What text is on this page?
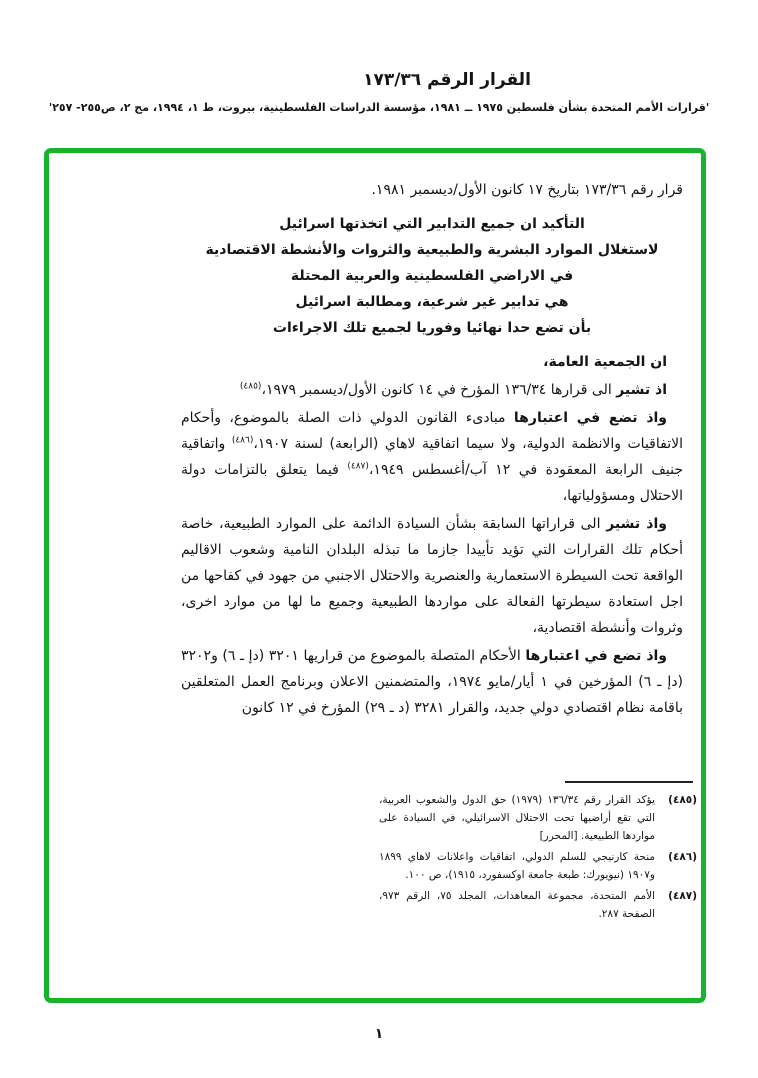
القرار الرقم ١٧٣/٣٦
'قرارات الأمم المتحدة بشأن فلسطين ١٩٧٥ ــ ١٩٨١، مؤسسة الدراسات الفلسطينية، بيروت، ط ١، ١٩٩٤، مج ٢، ص٢٥٥- ٢٥٧'

قرار رقم ١٧٣/٣٦ بتاريخ ١٧ كانون الأول/ديسمبر ١٩٨١.

التأكيد ان جميع التدابير التي اتخذتها اسرائيل
لاستغلال الموارد البشرية والطبيعية والثروات والأنشطة الاقتصادية
في الاراضي الفلسطينية والعربية المحتلة
هي تدابير غير شرعية، ومطالبة اسرائيل
بأن تضع حدا نهائيا وفوريا لجميع تلك الاجراءات

ان الجمعية العامة،

اذ تشير الى قرارها ١٣٦/٣٤ المؤرخ في ١٤ كانون الأول/ديسمبر ١٩٧٩،$^{(٤٨٥)}$

واذ تضع في اعتبارها مبادىء القانون الدولي ذات الصلة بالموضوع، وأحكام الاتفاقيات والانظمة الدولية، ولا سيما اتفاقية لاهاي (الرابعة) لسنة ١٩٠٧،$^{(٤٨٦)}$ واتفاقية جنيف الرابعة المعقودة في ١٢ آب/أغسطس ١٩٤٩،$^{(٤٨٧)}$ فيما يتعلق بالتزامات دولة الاحتلال ومسؤولياتها،

واذ تشير الى قراراتها السابقة بشأن السيادة الدائمة على الموارد الطبيعية، خاصة أحكام تلك القرارات التي تؤيد تأييدا جازما ما تبذله البلدان النامية وشعوب الاقاليم الواقعة تحت السيطرة الاستعمارية والعنصرية والاحتلال الاجنبي من جهود في كفاحها من اجل استعادة سيطرتها الفعالة على مواردها الطبيعية وجميع ما لها من موارد اخرى، وثروات وأنشطة اقتصادية،

واذ تضع في اعتبارها الأحكام المتصلة بالموضوع من قراريها ٣٢٠١ (دإ ـ ٦) و٣٢٠٢ (دإ ـ ٦) المؤرخين في ١ أيار/مايو ١٩٧٤، والمتضمنين الاعلان وبرنامج العمل المتعلقين باقامة نظام اقتصادي دولي جديد، والقرار ٣٢٨١ (د ـ ٢٩) المؤرخ في ١٢ كانون

(٤٨٥)
يؤكد القرار رقم ١٣٦/٣٤ (١٩٧٩) حق الدول والشعوب العربية، التي تقع أراضيها تحت الاحتلال الاسرائيلي، في السيادة على مواردها الطبيعية. [المحرر]
(٤٨٦)
منحة كارنيجي للسلم الدولي، اتفاقيات واعلانات لاهاي ١٨٩٩ و١٩٠٧ (نيويورك: طبعة جامعة اوكسفورد، ١٩١٥)، ص ١٠٠.
(٤٨٧)
الأمم المتحدة، مجموعة المعاهدات، المجلد ٧٥، الرقم ٩٧٣، الصفحة ٢٨٧.
١
